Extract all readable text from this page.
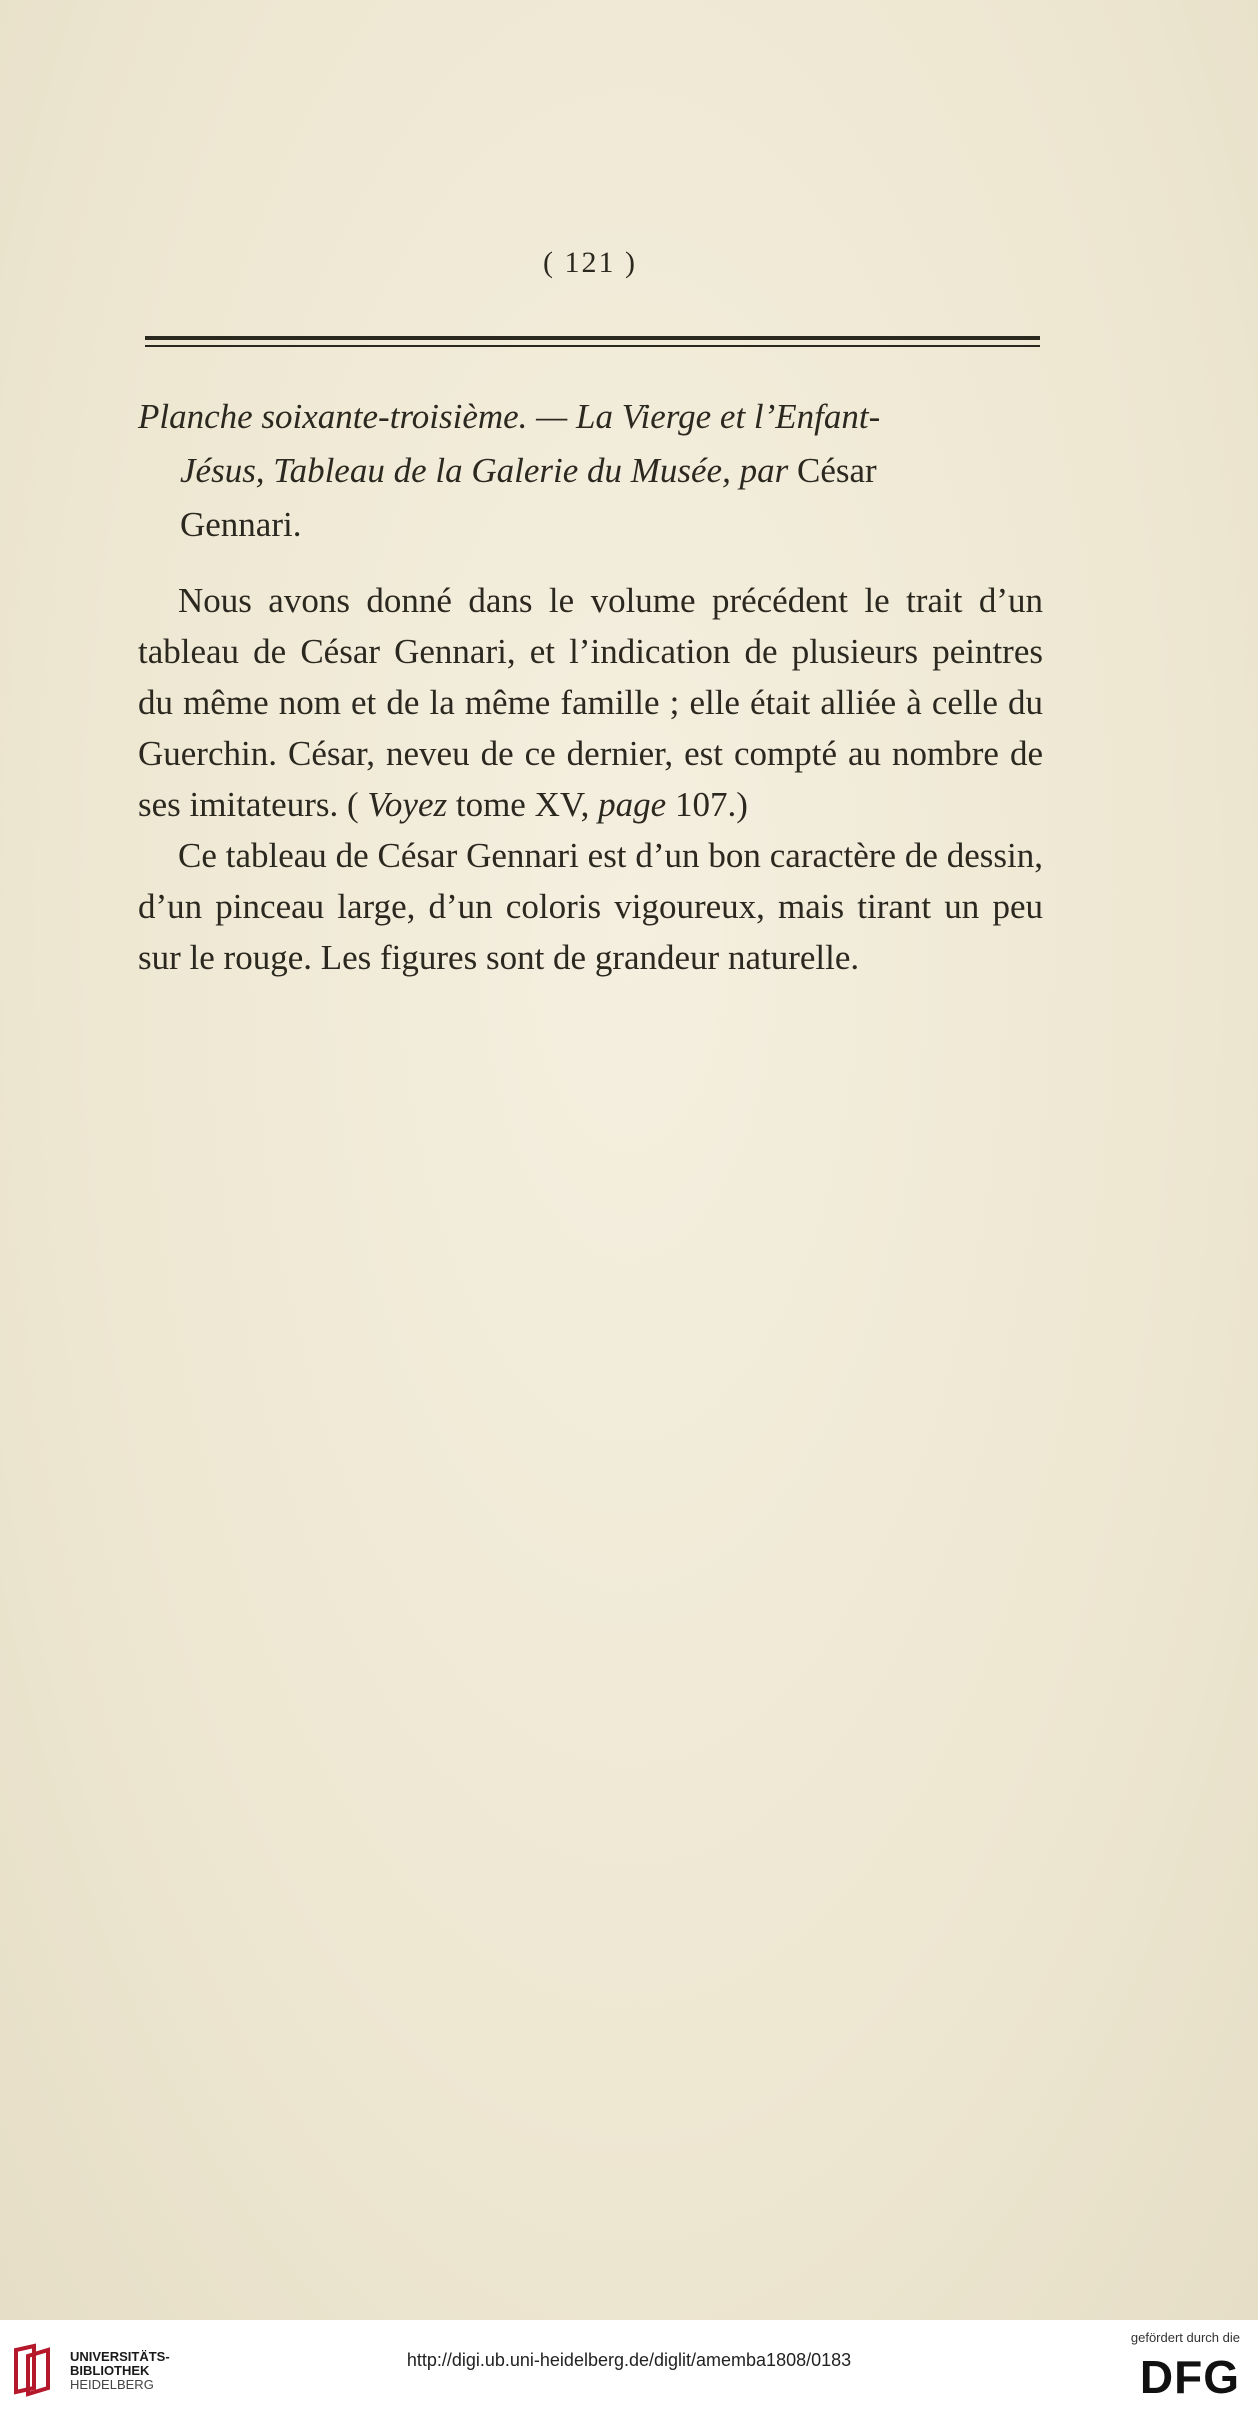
( 121 )
Planche soixante-troisième. — La Vierge et l’Enfant-
Jésus, Tableau de la Galerie du Musée, par César
Gennari.

Nous avons donné dans le volume précédent le trait d’un tableau de César Gennari, et l’indication de plusieurs peintres du même nom et de la même famille ; elle était alliée à celle du Guerchin. César, neveu de ce dernier, est compté au nombre de ses imitateurs. ( Voyez tome XV, page 107.)

Ce tableau de César Gennari est d’un bon caractère de dessin, d’un pinceau large, d’un coloris vigoureux, mais tirant un peu sur le rouge. Les figures sont de grandeur naturelle.

UNIVERSITÄTS-
BIBLIOTHEK
HEIDELBERG
http://digi.ub.uni-heidelberg.de/diglit/amemba1808/0183
gefördert durch die
DFG
